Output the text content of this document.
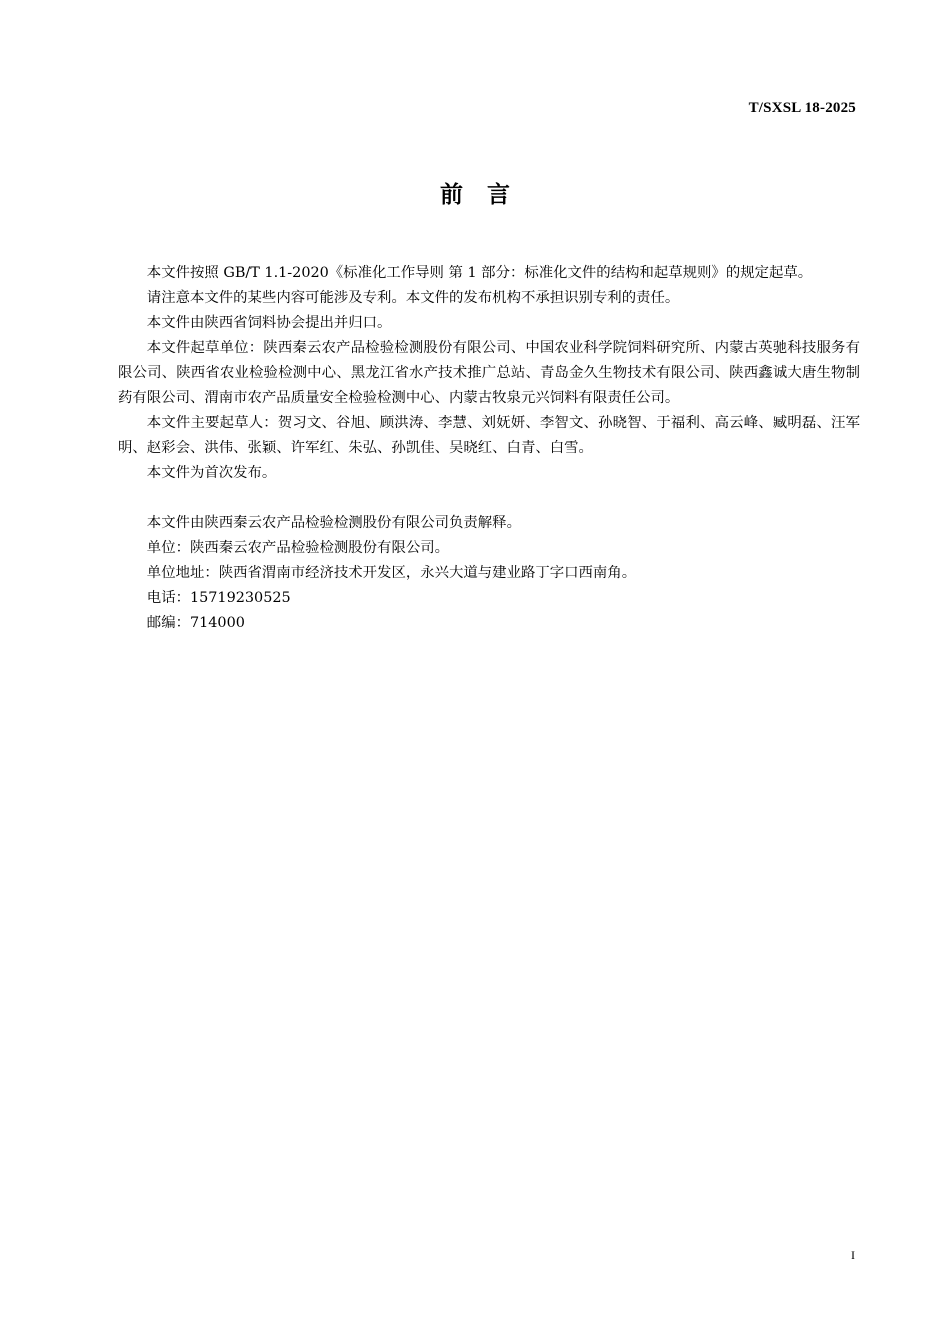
T/SXSL 18-2025
前言

本文件按照 GB/T 1.1-2020《标准化工作导则 第 1 部分：标准化文件的结构和起草规则》的规定起草。

请注意本文件的某些内容可能涉及专利。本文件的发布机构不承担识别专利的责任。

本文件由陕西省饲料协会提出并归口。

本文件起草单位：陕西秦云农产品检验检测股份有限公司、中国农业科学院饲料研究所、内蒙古英驰科技服务有限公司、陕西省农业检验检测中心、黑龙江省水产技术推广总站、青岛金久生物技术有限公司、陕西鑫诚大唐生物制药有限公司、渭南市农产品质量安全检验检测中心、内蒙古牧泉元兴饲料有限责任公司。

本文件主要起草人：贺习文、谷旭、顾洪涛、李慧、刘妩妍、李智文、孙晓智、于福利、高云峰、臧明磊、汪军明、赵彩会、洪伟、张颖、许军红、朱弘、孙凯佳、吴晓红、白青、白雪。

本文件为首次发布。

本文件由陕西秦云农产品检验检测股份有限公司负责解释。

单位：陕西秦云农产品检验检测股份有限公司。

单位地址：陕西省渭南市经济技术开发区，永兴大道与建业路丁字口西南角。

电话：15719230525

邮编：714000

I
